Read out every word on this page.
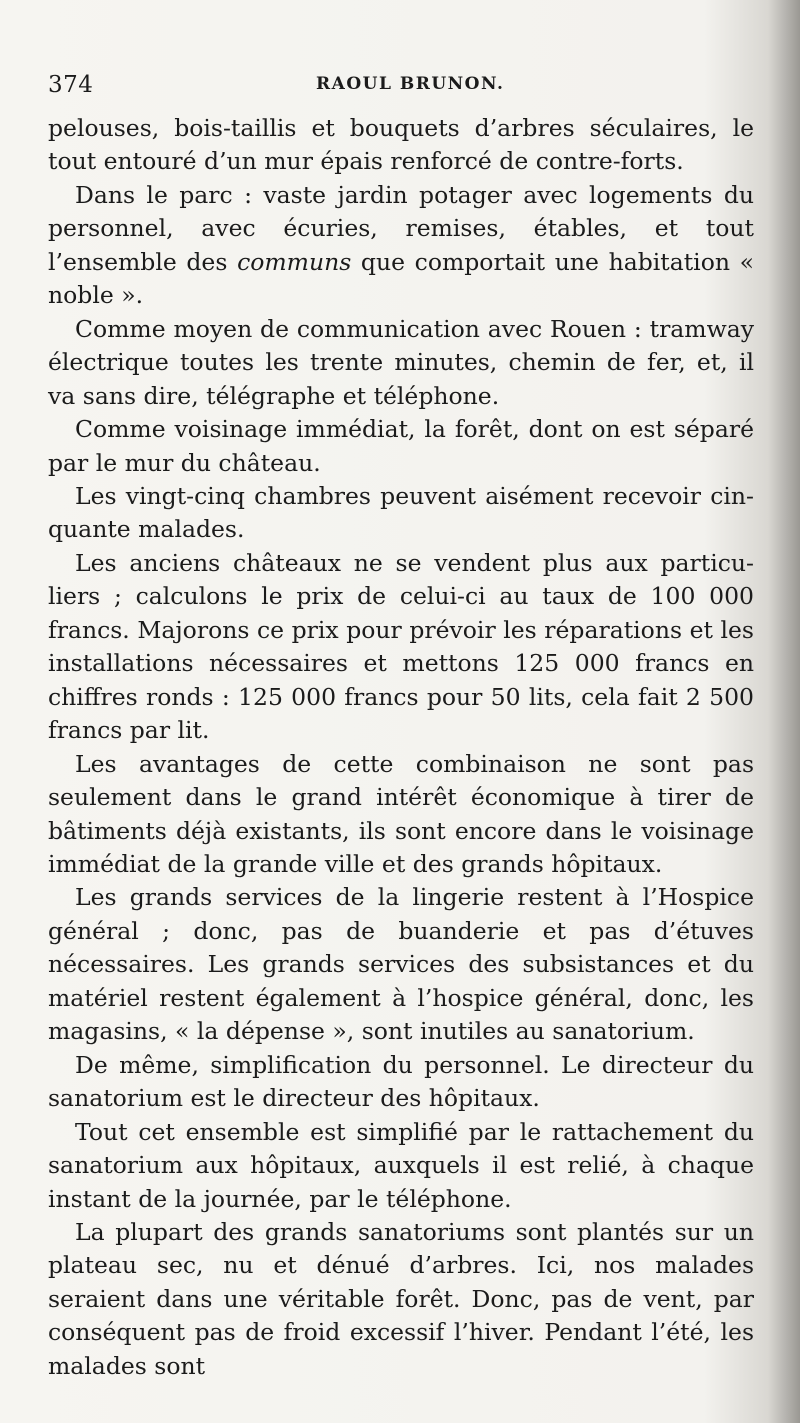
374	RAOUL BRUNON.

pelouses, bois-taillis et bouquets d’arbres séculaires, le tout entouré d’un mur épais renforcé de contre-forts.

Dans le parc : vaste jardin potager avec logements du personnel, avec écuries, remises, étables, et tout l’ensemble des communs que comportait une habitation « noble ».

Comme moyen de communication avec Rouen : tramway électrique toutes les trente minutes, chemin de fer, et, il va sans dire, télégraphe et téléphone.

Comme voisinage immédiat, la forêt, dont on est séparé par le mur du château.

Les vingt-cinq chambres peuvent aisément recevoir cinquante malades.

Les anciens châteaux ne se vendent plus aux particuliers ; calculons le prix de celui-ci au taux de 100 000 francs. Majorons ce prix pour prévoir les réparations et les installations nécessaires et mettons 125 000 francs en chiffres ronds : 125 000 francs pour 50 lits, cela fait 2 500 francs par lit.

Les avantages de cette combinaison ne sont pas seulement dans le grand intérêt économique à tirer de bâtiments déjà existants, ils sont encore dans le voisinage immédiat de la grande ville et des grands hôpitaux.

Les grands services de la lingerie restent à l’Hospice général ; donc, pas de buanderie et pas d’étuves nécessaires. Les grands services des subsistances et du matériel restent également à l’hospice général, donc, les magasins, « la dépense », sont inutiles au sanatorium.

De même, simplification du personnel. Le directeur du sanatorium est le directeur des hôpitaux.

Tout cet ensemble est simplifié par le rattachement du sanatorium aux hôpitaux, auxquels il est relié, à chaque instant de la journée, par le téléphone.

La plupart des grands sanatoriums sont plantés sur un plateau sec, nu et dénué d’arbres. Ici, nos malades seraient dans une véritable forêt. Donc, pas de vent, par conséquent pas de froid excessif l’hiver. Pendant l’été, les malades sont
